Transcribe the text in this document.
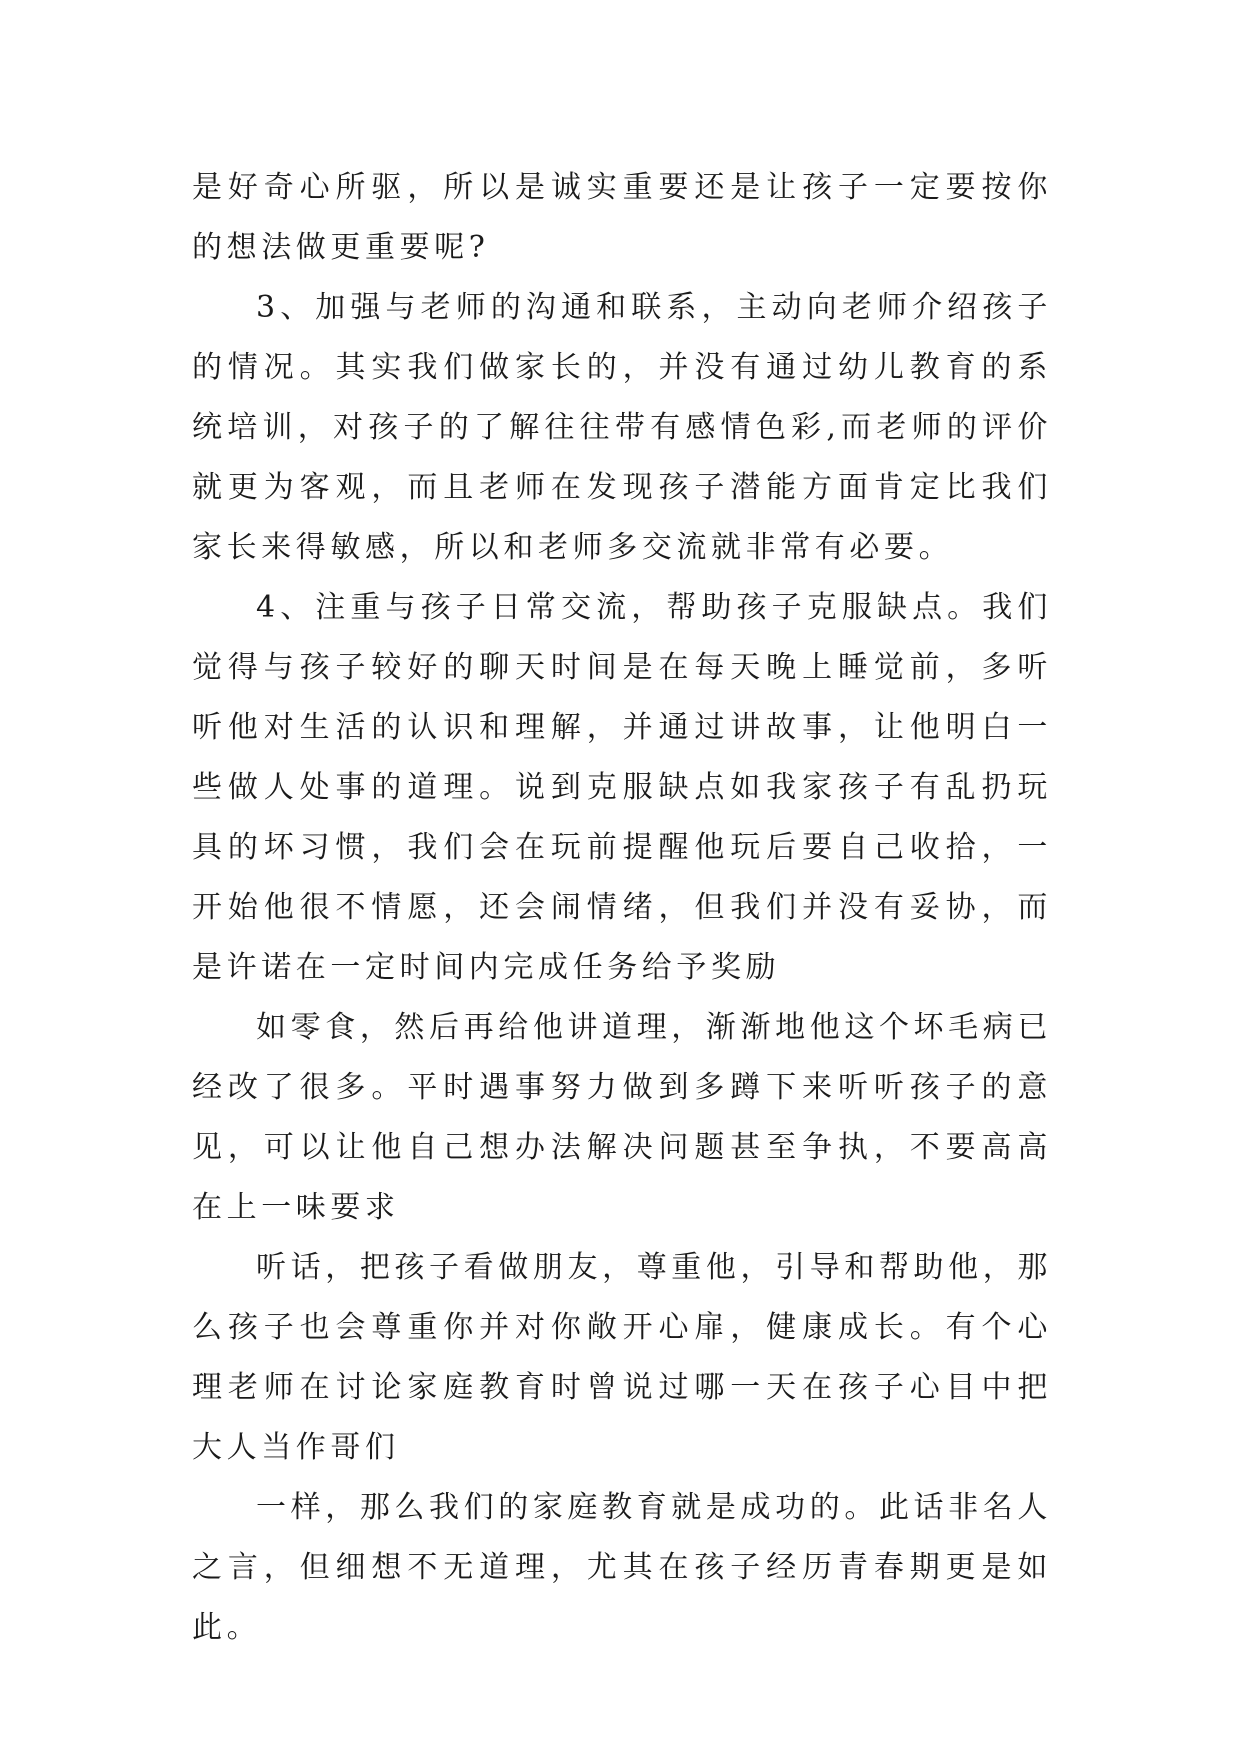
是好奇心所驱，所以是诚实重要还是让孩子一定要按你的想法做更重要呢?

3、加强与老师的沟通和联系，主动向老师介绍孩子的情况。其实我们做家长的，并没有通过幼儿教育的系统培训，对孩子的了解往往带有感情色彩,而老师的评价就更为客观，而且老师在发现孩子潜能方面肯定比我们家长来得敏感，所以和老师多交流就非常有必要。

4、注重与孩子日常交流，帮助孩子克服缺点。我们觉得与孩子较好的聊天时间是在每天晚上睡觉前，多听听他对生活的认识和理解，并通过讲故事，让他明白一些做人处事的道理。说到克服缺点如我家孩子有乱扔玩具的坏习惯，我们会在玩前提醒他玩后要自己收拾，一开始他很不情愿，还会闹情绪，但我们并没有妥协，而是许诺在一定时间内完成任务给予奖励

如零食，然后再给他讲道理，渐渐地他这个坏毛病已经改了很多。平时遇事努力做到多蹲下来听听孩子的意见，可以让他自己想办法解决问题甚至争执，不要高高在上一味要求

听话，把孩子看做朋友，尊重他，引导和帮助他，那么孩子也会尊重你并对你敞开心扉，健康成长。有个心理老师在讨论家庭教育时曾说过哪一天在孩子心目中把大人当作哥们

一样，那么我们的家庭教育就是成功的。此话非名人之言，但细想不无道理，尤其在孩子经历青春期更是如此。
